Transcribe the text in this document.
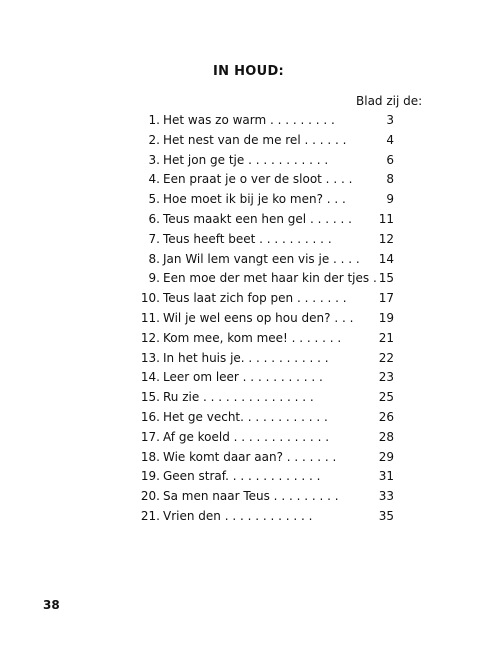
IN HOUD:
Blad zij de:
1. Het was zo warm . . . . . . . . .	3
2. Het nest van de me rel . . . . . .	4
3. Het jon ge tje . . . . . . . . . . .	6
4. Een praat je o ver de sloot . . . .	8
5. Hoe moet ik bij je ko men? . . .	9
6. Teus maakt een hen gel . . . . . . 11
7. Teus heeft beet . . . . . . . . . .	12
8. Jan Wil lem vangt een vis je . . . . 14
9. Een moe der met haar kin der tjes . 15
10. Teus laat zich fop pen . . . . . . .	17
11. Wil je wel eens op hou den? . . . 19
12. Kom mee, kom mee! . . . . . . .	21
13. In het huis je. . . . . . . . . . . .	22
14. Leer om leer . . . . . . . . . . .	23
15. Ru zie . . . . . . . . . . . . . . .	25
16. Het ge vecht. . . . . . . . . . . .	26
17. Af ge koeld . . . . . . . . . . . . .	28
18. Wie komt daar aan? . . . . . . .	29
19. Geen straf. . . . . . . . . . . . .	31
20. Sa men naar Teus . . . . . . . . .	33
21. Vrien den . . . . . . . . . . . .	35
38
